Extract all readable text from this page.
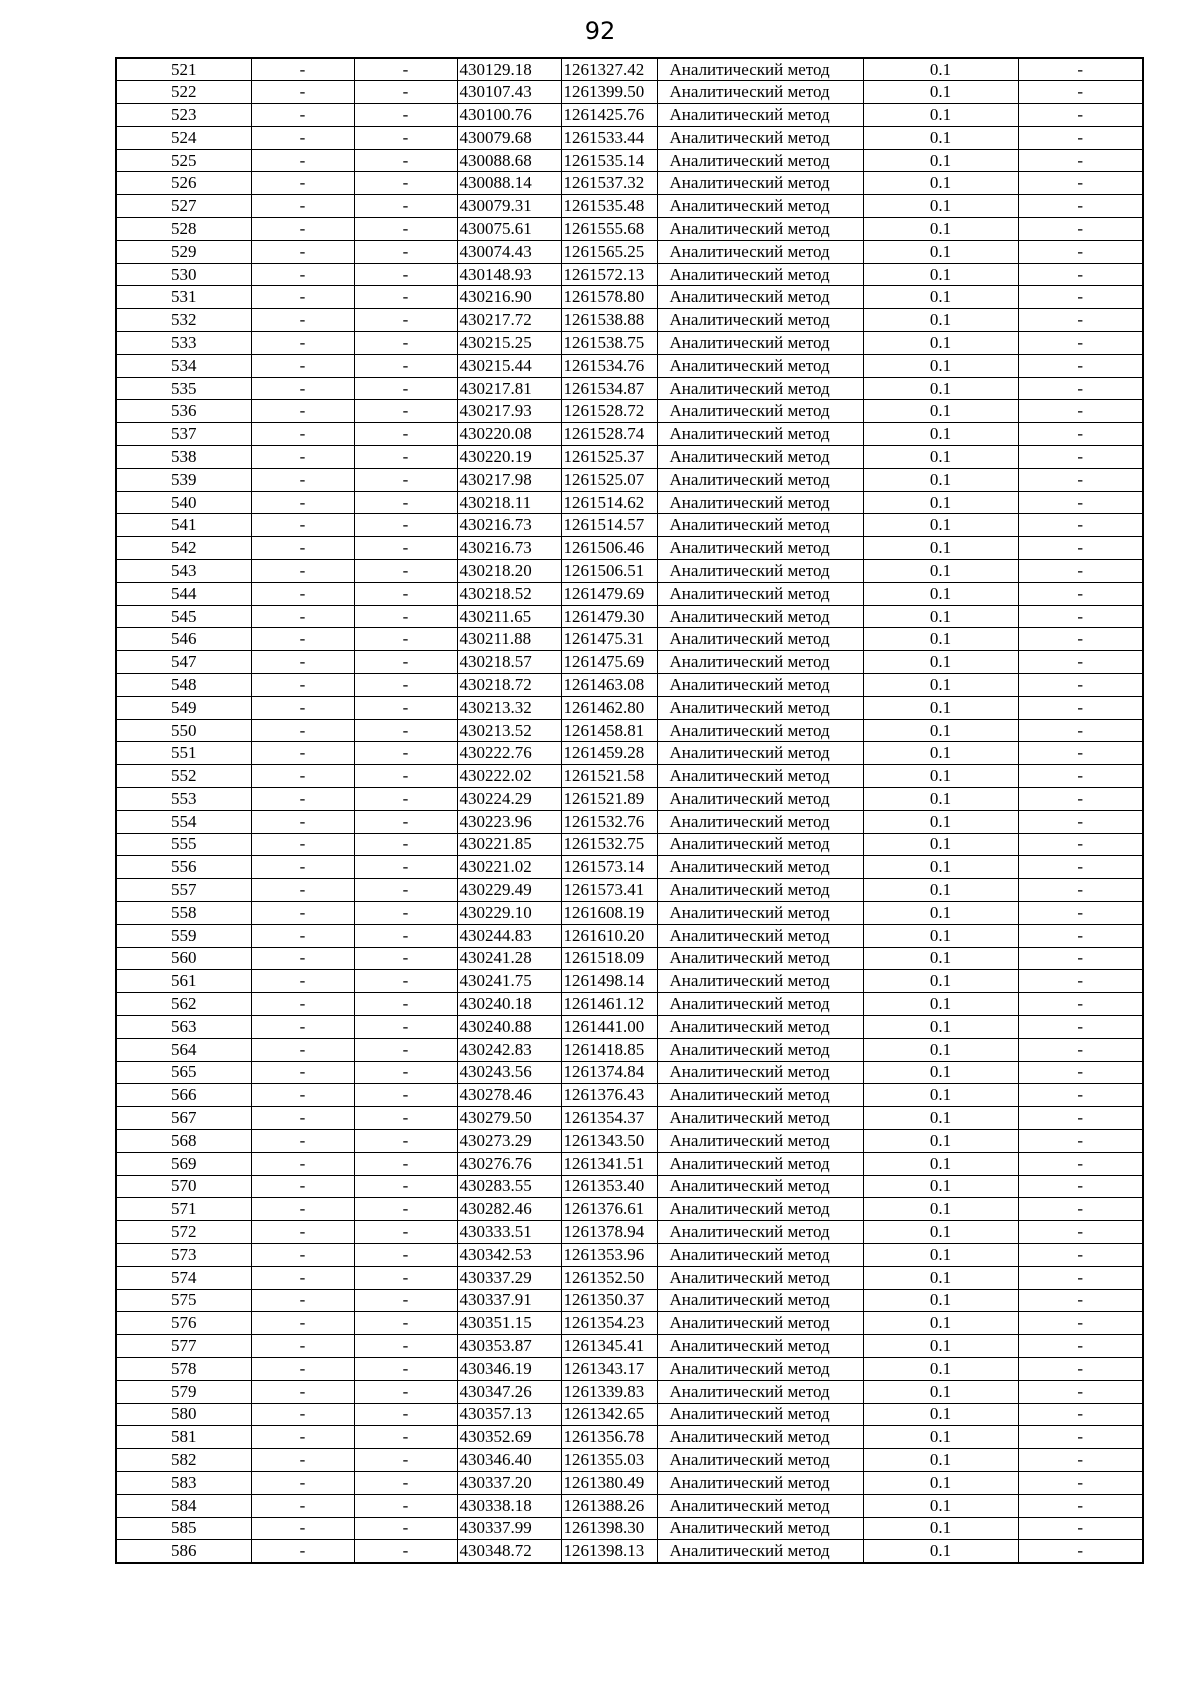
92
521	-	-	430129.18	1261327.42	Аналитический метод	0.1	-
522	-	-	430107.43	1261399.50	Аналитический метод	0.1	-
523	-	-	430100.76	1261425.76	Аналитический метод	0.1	-
524	-	-	430079.68	1261533.44	Аналитический метод	0.1	-
525	-	-	430088.68	1261535.14	Аналитический метод	0.1	-
526	-	-	430088.14	1261537.32	Аналитический метод	0.1	-
527	-	-	430079.31	1261535.48	Аналитический метод	0.1	-
528	-	-	430075.61	1261555.68	Аналитический метод	0.1	-
529	-	-	430074.43	1261565.25	Аналитический метод	0.1	-
530	-	-	430148.93	1261572.13	Аналитический метод	0.1	-
531	-	-	430216.90	1261578.80	Аналитический метод	0.1	-
532	-	-	430217.72	1261538.88	Аналитический метод	0.1	-
533	-	-	430215.25	1261538.75	Аналитический метод	0.1	-
534	-	-	430215.44	1261534.76	Аналитический метод	0.1	-
535	-	-	430217.81	1261534.87	Аналитический метод	0.1	-
536	-	-	430217.93	1261528.72	Аналитический метод	0.1	-
537	-	-	430220.08	1261528.74	Аналитический метод	0.1	-
538	-	-	430220.19	1261525.37	Аналитический метод	0.1	-
539	-	-	430217.98	1261525.07	Аналитический метод	0.1	-
540	-	-	430218.11	1261514.62	Аналитический метод	0.1	-
541	-	-	430216.73	1261514.57	Аналитический метод	0.1	-
542	-	-	430216.73	1261506.46	Аналитический метод	0.1	-
543	-	-	430218.20	1261506.51	Аналитический метод	0.1	-
544	-	-	430218.52	1261479.69	Аналитический метод	0.1	-
545	-	-	430211.65	1261479.30	Аналитический метод	0.1	-
546	-	-	430211.88	1261475.31	Аналитический метод	0.1	-
547	-	-	430218.57	1261475.69	Аналитический метод	0.1	-
548	-	-	430218.72	1261463.08	Аналитический метод	0.1	-
549	-	-	430213.32	1261462.80	Аналитический метод	0.1	-
550	-	-	430213.52	1261458.81	Аналитический метод	0.1	-
551	-	-	430222.76	1261459.28	Аналитический метод	0.1	-
552	-	-	430222.02	1261521.58	Аналитический метод	0.1	-
553	-	-	430224.29	1261521.89	Аналитический метод	0.1	-
554	-	-	430223.96	1261532.76	Аналитический метод	0.1	-
555	-	-	430221.85	1261532.75	Аналитический метод	0.1	-
556	-	-	430221.02	1261573.14	Аналитический метод	0.1	-
557	-	-	430229.49	1261573.41	Аналитический метод	0.1	-
558	-	-	430229.10	1261608.19	Аналитический метод	0.1	-
559	-	-	430244.83	1261610.20	Аналитический метод	0.1	-
560	-	-	430241.28	1261518.09	Аналитический метод	0.1	-
561	-	-	430241.75	1261498.14	Аналитический метод	0.1	-
562	-	-	430240.18	1261461.12	Аналитический метод	0.1	-
563	-	-	430240.88	1261441.00	Аналитический метод	0.1	-
564	-	-	430242.83	1261418.85	Аналитический метод	0.1	-
565	-	-	430243.56	1261374.84	Аналитический метод	0.1	-
566	-	-	430278.46	1261376.43	Аналитический метод	0.1	-
567	-	-	430279.50	1261354.37	Аналитический метод	0.1	-
568	-	-	430273.29	1261343.50	Аналитический метод	0.1	-
569	-	-	430276.76	1261341.51	Аналитический метод	0.1	-
570	-	-	430283.55	1261353.40	Аналитический метод	0.1	-
571	-	-	430282.46	1261376.61	Аналитический метод	0.1	-
572	-	-	430333.51	1261378.94	Аналитический метод	0.1	-
573	-	-	430342.53	1261353.96	Аналитический метод	0.1	-
574	-	-	430337.29	1261352.50	Аналитический метод	0.1	-
575	-	-	430337.91	1261350.37	Аналитический метод	0.1	-
576	-	-	430351.15	1261354.23	Аналитический метод	0.1	-
577	-	-	430353.87	1261345.41	Аналитический метод	0.1	-
578	-	-	430346.19	1261343.17	Аналитический метод	0.1	-
579	-	-	430347.26	1261339.83	Аналитический метод	0.1	-
580	-	-	430357.13	1261342.65	Аналитический метод	0.1	-
581	-	-	430352.69	1261356.78	Аналитический метод	0.1	-
582	-	-	430346.40	1261355.03	Аналитический метод	0.1	-
583	-	-	430337.20	1261380.49	Аналитический метод	0.1	-
584	-	-	430338.18	1261388.26	Аналитический метод	0.1	-
585	-	-	430337.99	1261398.30	Аналитический метод	0.1	-
586	-	-	430348.72	1261398.13	Аналитический метод	0.1	-
